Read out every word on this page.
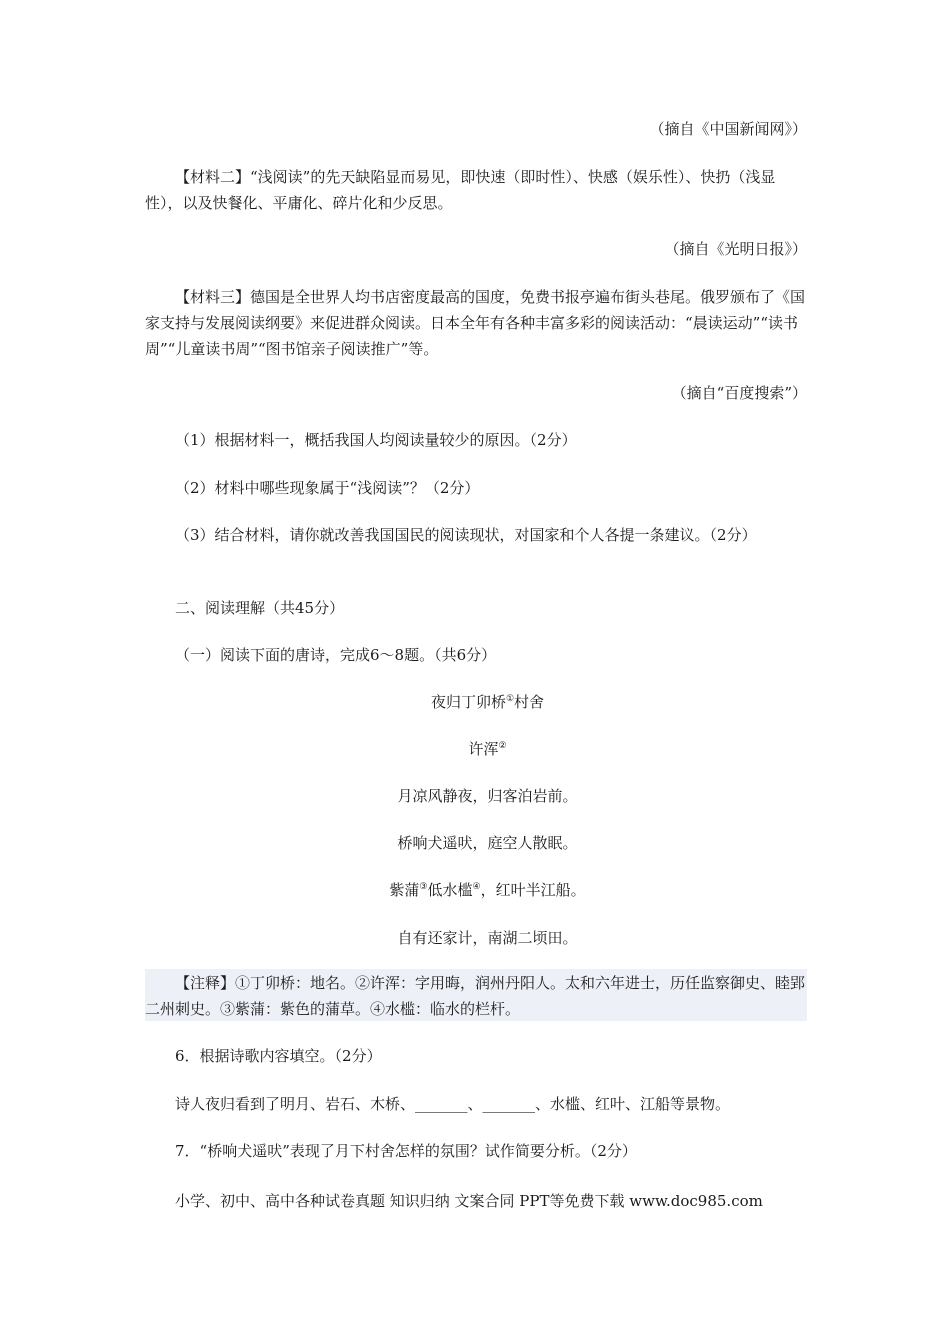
（摘自《中国新闻网》）
【材料二】“浅阅读”的先天缺陷显而易见，即快速（即时性）、快感（娱乐性）、快扔（浅显性），以及快餐化、平庸化、碎片化和少反思。
（摘自《光明日报》）
【材料三】德国是全世界人均书店密度最高的国度，免费书报亭遍布街头巷尾。俄罗颁布了《国家支持与发展阅读纲要》来促进群众阅读。日本全年有各种丰富多彩的阅读活动：“晨读运动”“读书周”“儿童读书周”“图书馆亲子阅读推广”等。
（摘自“百度搜索”）
（1）根据材料一，概括我国人均阅读量较少的原因。（2分）
（2）材料中哪些现象属于“浅阅读”？（2分）
（3）结合材料，请你就改善我国国民的阅读现状，对国家和个人各提一条建议。（2分）
二、阅读理解（共45分）
（一）阅读下面的唐诗，完成6～8题。（共6分）
夜归丁卯桥①村舍
许浑②
月凉风静夜，归客泊岩前。
桥响犬遥吠，庭空人散眠。
紫蒲③低水槛④，红叶半江船。
自有还家计，南湖二顷田。
【注释】①丁卯桥：地名。②许浑：字用晦，润州丹阳人。太和六年进士，历任监察御史、睦郢二州刺史。③紫蒲：紫色的蒲草。④水槛：临水的栏杆。
6．根据诗歌内容填空。（2分）
诗人夜归看到了明月、岩石、木桥、_______、_______、水槛、红叶、江船等景物。
7．“桥响犬遥吠”表现了月下村舍怎样的氛围？试作简要分析。（2分）
小学、初中、高中各种试卷真题 知识归纳 文案合同 PPT等免费下载 www.doc985.com
